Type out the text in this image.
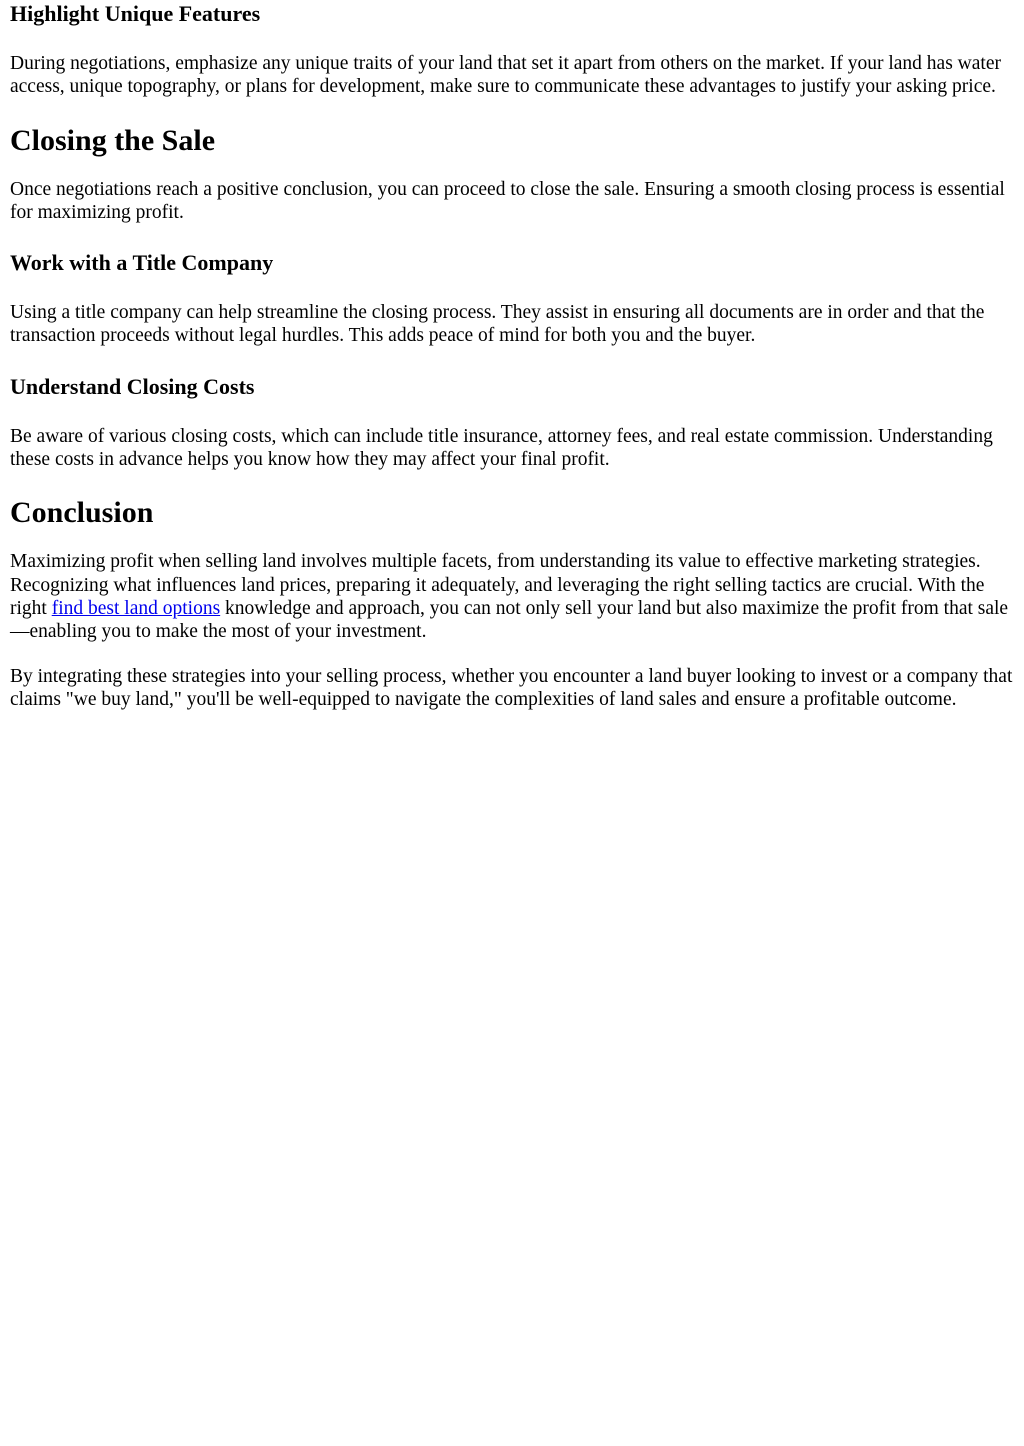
Highlight Unique Features

During negotiations, emphasize any unique traits of your land that set it apart from others on the market. If your land has water access, unique topography, or plans for development, make sure to communicate these advantages to justify your asking price.

Closing the Sale

Once negotiations reach a positive conclusion, you can proceed to close the sale. Ensuring a smooth closing process is essential for maximizing profit.

Work with a Title Company

Using a title company can help streamline the closing process. They assist in ensuring all documents are in order and that the transaction proceeds without legal hurdles. This adds peace of mind for both you and the buyer.

Understand Closing Costs

Be aware of various closing costs, which can include title insurance, attorney fees, and real estate commission. Understanding these costs in advance helps you know how they may affect your final profit.

Conclusion

Maximizing profit when selling land involves multiple facets, from understanding its value to effective marketing strategies. Recognizing what influences land prices, preparing it adequately, and leveraging the right selling tactics are crucial. With the right find best land options knowledge and approach, you can not only sell your land but also maximize the profit from that sale—enabling you to make the most of your investment.

By integrating these strategies into your selling process, whether you encounter a land buyer looking to invest or a company that claims "we buy land," you'll be well-equipped to navigate the complexities of land sales and ensure a profitable outcome.
